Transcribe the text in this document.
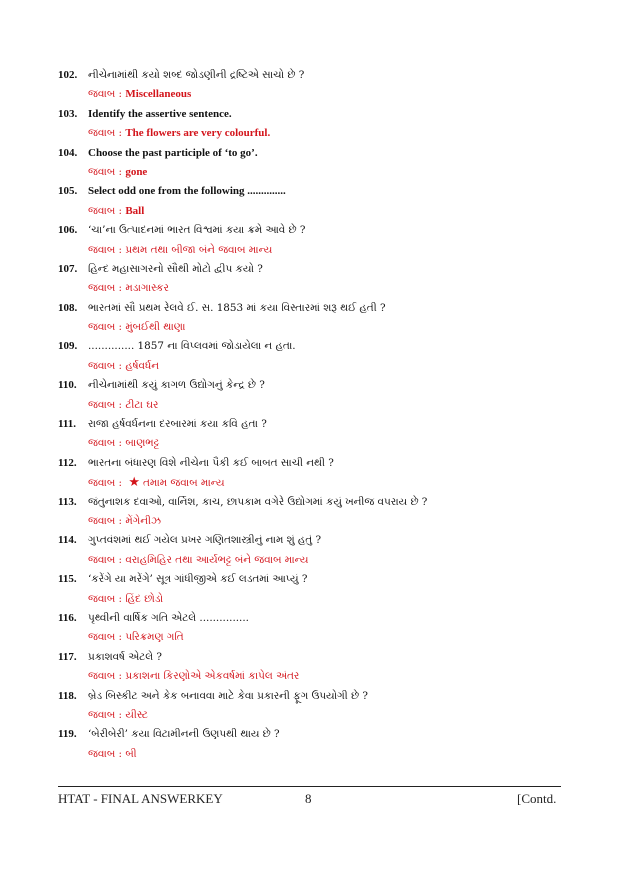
102. નીચેનામાંથી કયો શબ્દ જોડણીની દ્રષ્ટિએ સાચો છે ?
જવાબ : Miscellaneous
103. Identify the assertive sentence.
જવાબ : The flowers are very colourful.
104. Choose the past participle of ‘to go’.
જવાબ : gone
105. Select odd one from the following ..............
જવાબ : Ball
106. ‘ચા’ના ઉત્પાદનમાં ભારત વિશ્વમાં કયા ક્રમે આવે છે ?
જવાબ : પ્રથમ તથા બીજા બંને જવાબ માન્ય
107. હિન્દ મહાસાગરનો સૌથી મોટો દ્વીપ કયો ?
જવાબ : મડાગાસ્કર
108. ભારતમાં સૌ પ્રથમ રેલવે ઈ. સ. 1853 માં કયા વિસ્તારમાં શરૂ થઈ હતી ?
જવાબ : મુંબઈથી થાણા
109. .............. 1857 ના વિપ્લવમાં જોડાયેલા ન હતા.
જવાબ : હર્ષવર્ધન
110. નીચેનામાંથી કયું કાગળ ઉદ્યોગનું કેન્દ્ર છે ?
જવાબ : ટીટા ઘર
111. રાજા હર્ષવર્ધનના દરબારમાં કયા કવિ હતા ?
જવાબ : બાણભટ્ટ
112. ભારતના બંધારણ વિશે નીચેના પૈકી કઈ બાબત સાચી નથી ?
જવાબ : ★ તમામ જવાબ માન્ય
113. જંતુનાશક દવાઓ, વાર્નિશ, કાચ, છાપકામ વગેરે ઉદ્યોગમાં કયું ખનીજ વપરાય છે ?
જવાબ : મેંગેનીઝ
114. ગુપ્તવંશમાં થઈ ગયેલ પ્રખર ગણિતશાસ્ત્રીનું નામ શું હતું ?
જવાબ : વરાહમિહિર તથા આર્યભટ્ટ બંને જવાબ માન્ય
115. ‘કરેંગે યા મરેંગે’ સૂત્ર ગાંધીજીએ કઈ લડતમાં આપ્યું ?
જવાબ : હિંદ છોડો
116. પૃથ્વીની વાર્ષિક ગતિ એટલે ...............
જવાબ : પરિક્રમણ ગતિ
117. પ્રકાશવર્ષ એટલે ?
જવાબ : પ્રકાશના કિરણોએ એકવર્ષમાં કાપેલ અંતર
118. બ્રેડ બિસ્કીટ અને કેક બનાવવા માટે કેવા પ્રકારની ફૂગ ઉપયોગી છે ?
જવાબ : યીસ્ટ
119. ‘બેરીબેરી’ કયા વિટામીનની ઉણપથી થાય છે ?
જવાબ : બી
HTAT - FINAL ANSWERKEY	8	[Contd.
